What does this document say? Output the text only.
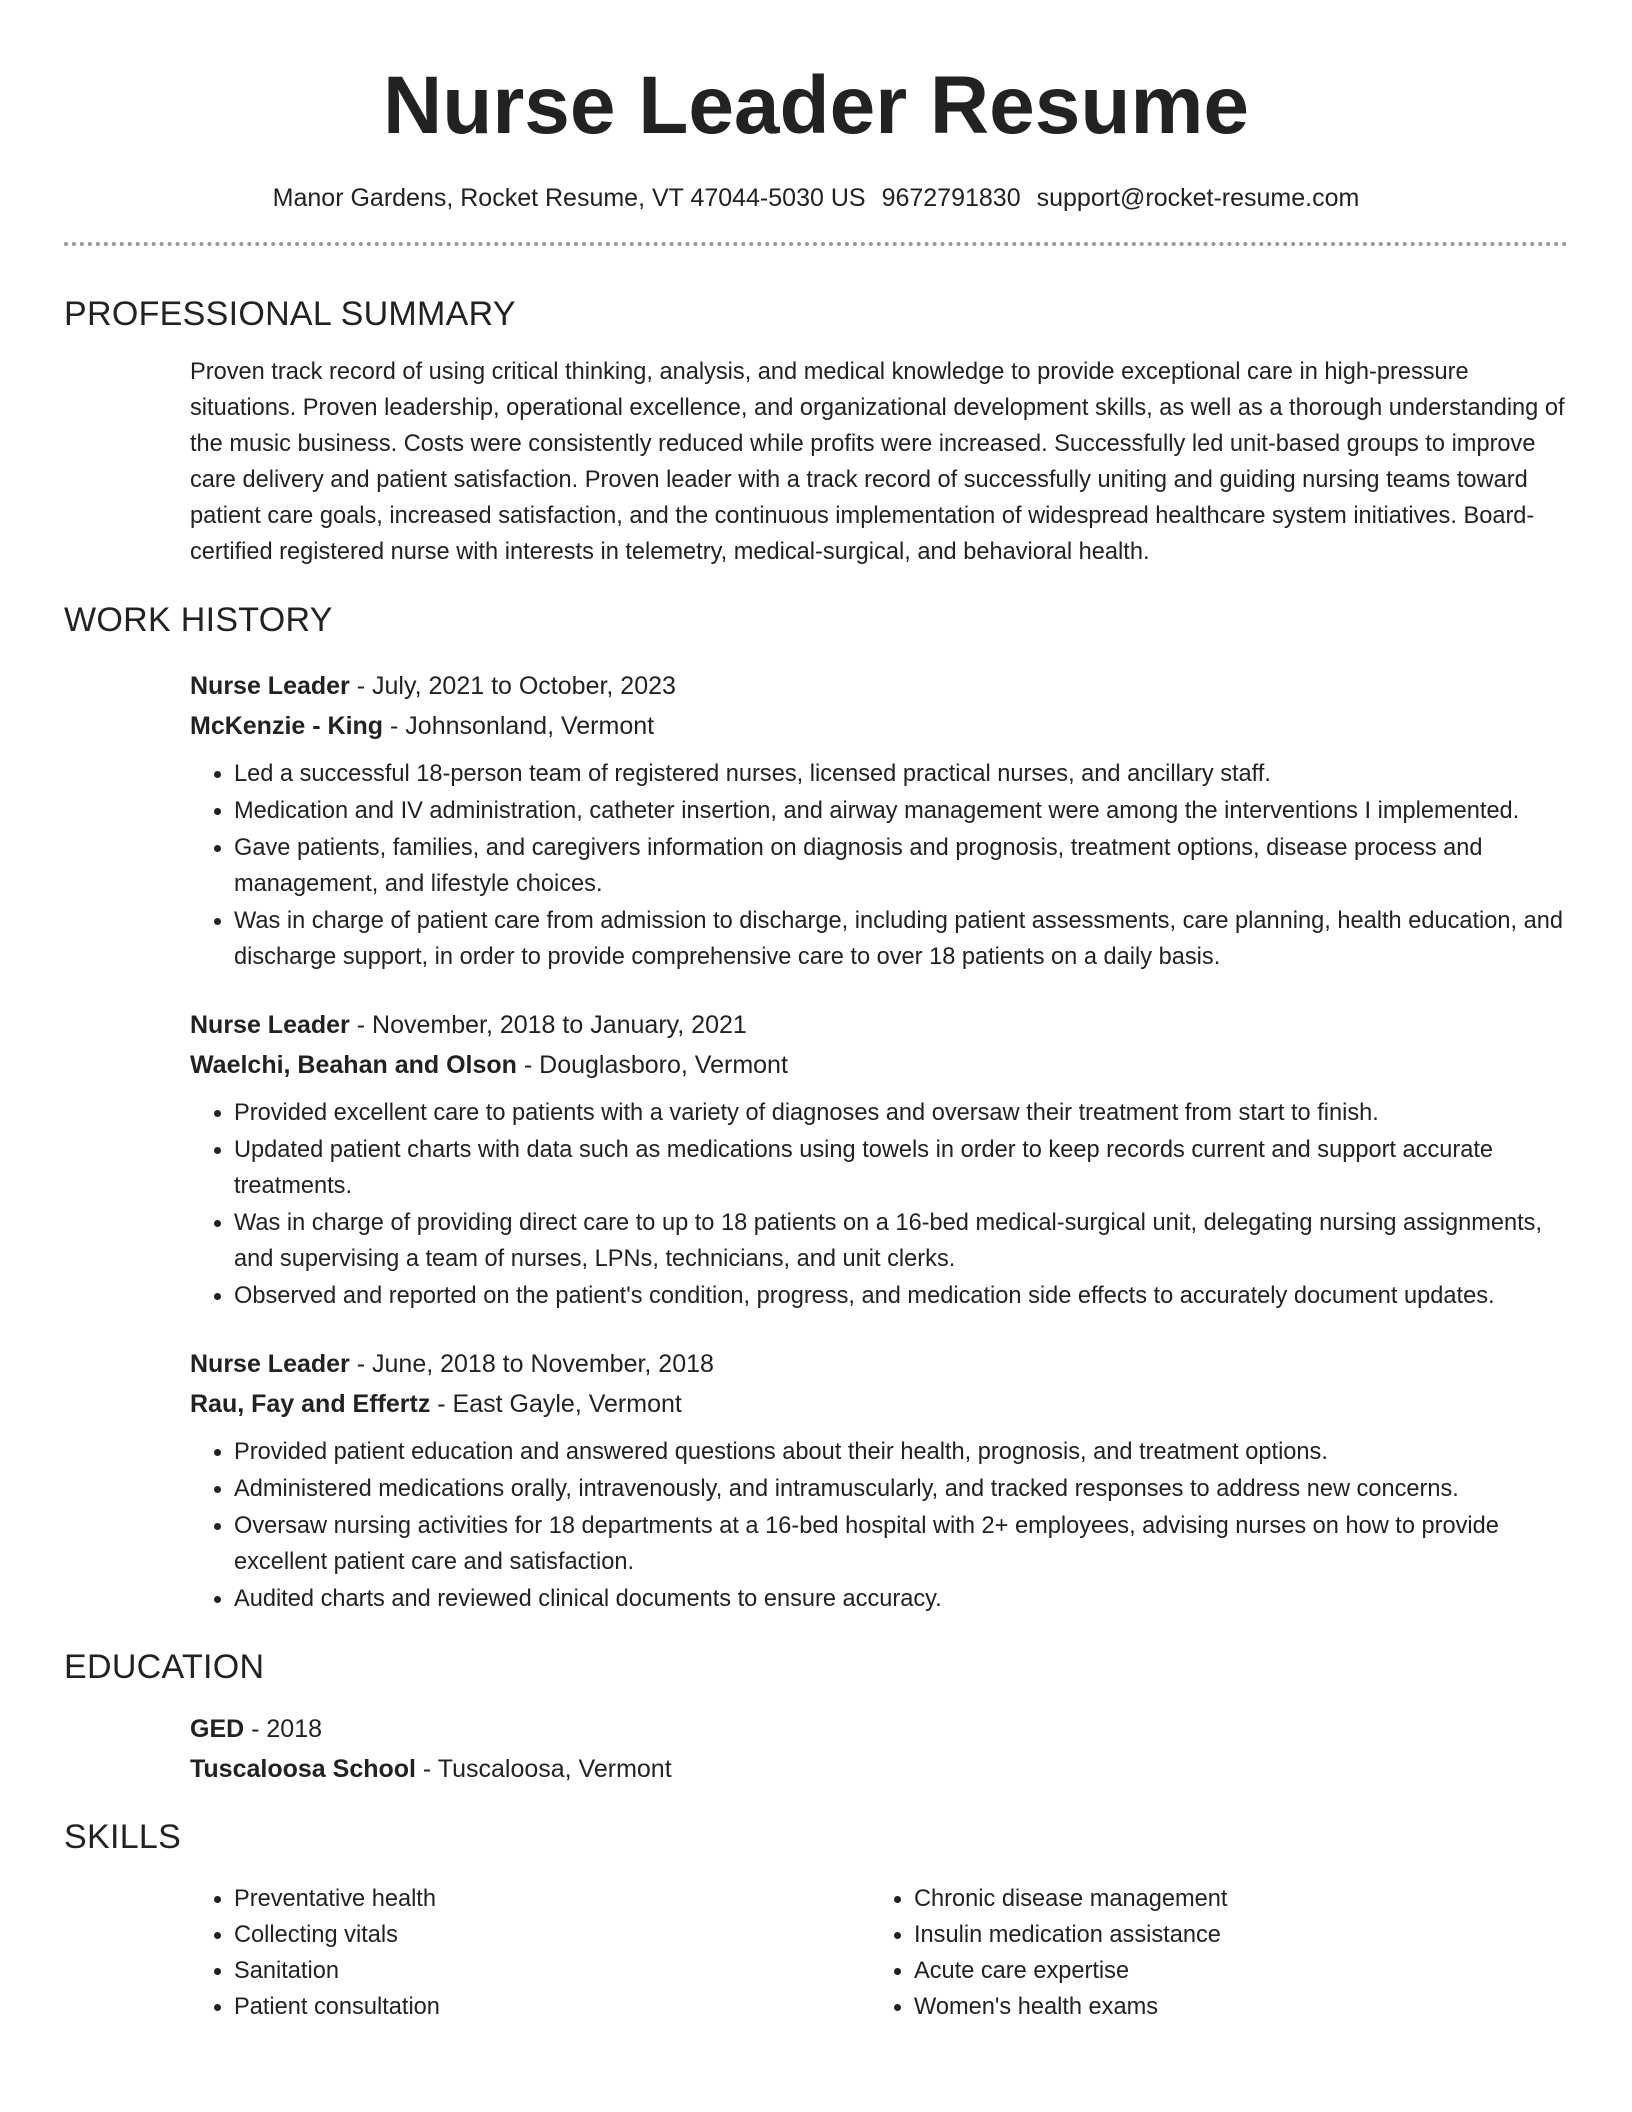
Nurse Leader Resume
Manor Gardens, Rocket Resume, VT 47044-5030 US 9672791830 support@rocket-resume.com
PROFESSIONAL SUMMARY
Proven track record of using critical thinking, analysis, and medical knowledge to provide exceptional care in high-pressure situations. Proven leadership, operational excellence, and organizational development skills, as well as a thorough understanding of the music business. Costs were consistently reduced while profits were increased. Successfully led unit-based groups to improve care delivery and patient satisfaction. Proven leader with a track record of successfully uniting and guiding nursing teams toward patient care goals, increased satisfaction, and the continuous implementation of widespread healthcare system initiatives. Board-certified registered nurse with interests in telemetry, medical-surgical, and behavioral health.
WORK HISTORY
Nurse Leader - July, 2021 to October, 2023
McKenzie - King - Johnsonland, Vermont
• Led a successful 18-person team of registered nurses, licensed practical nurses, and ancillary staff.
• Medication and IV administration, catheter insertion, and airway management were among the interventions I implemented.
• Gave patients, families, and caregivers information on diagnosis and prognosis, treatment options, disease process and management, and lifestyle choices.
• Was in charge of patient care from admission to discharge, including patient assessments, care planning, health education, and discharge support, in order to provide comprehensive care to over 18 patients on a daily basis.
Nurse Leader - November, 2018 to January, 2021
Waelchi, Beahan and Olson - Douglasboro, Vermont
• Provided excellent care to patients with a variety of diagnoses and oversaw their treatment from start to finish.
• Updated patient charts with data such as medications using towels in order to keep records current and support accurate treatments.
• Was in charge of providing direct care to up to 18 patients on a 16-bed medical-surgical unit, delegating nursing assignments, and supervising a team of nurses, LPNs, technicians, and unit clerks.
• Observed and reported on the patient's condition, progress, and medication side effects to accurately document updates.
Nurse Leader - June, 2018 to November, 2018
Rau, Fay and Effertz - East Gayle, Vermont
• Provided patient education and answered questions about their health, prognosis, and treatment options.
• Administered medications orally, intravenously, and intramuscularly, and tracked responses to address new concerns.
• Oversaw nursing activities for 18 departments at a 16-bed hospital with 2+ employees, advising nurses on how to provide excellent patient care and satisfaction.
• Audited charts and reviewed clinical documents to ensure accuracy.
EDUCATION
GED - 2018
Tuscaloosa School - Tuscaloosa, Vermont
SKILLS
• Preventative health
• Collecting vitals
• Sanitation
• Patient consultation
• Chronic disease management
• Insulin medication assistance
• Acute care expertise
• Women's health exams
